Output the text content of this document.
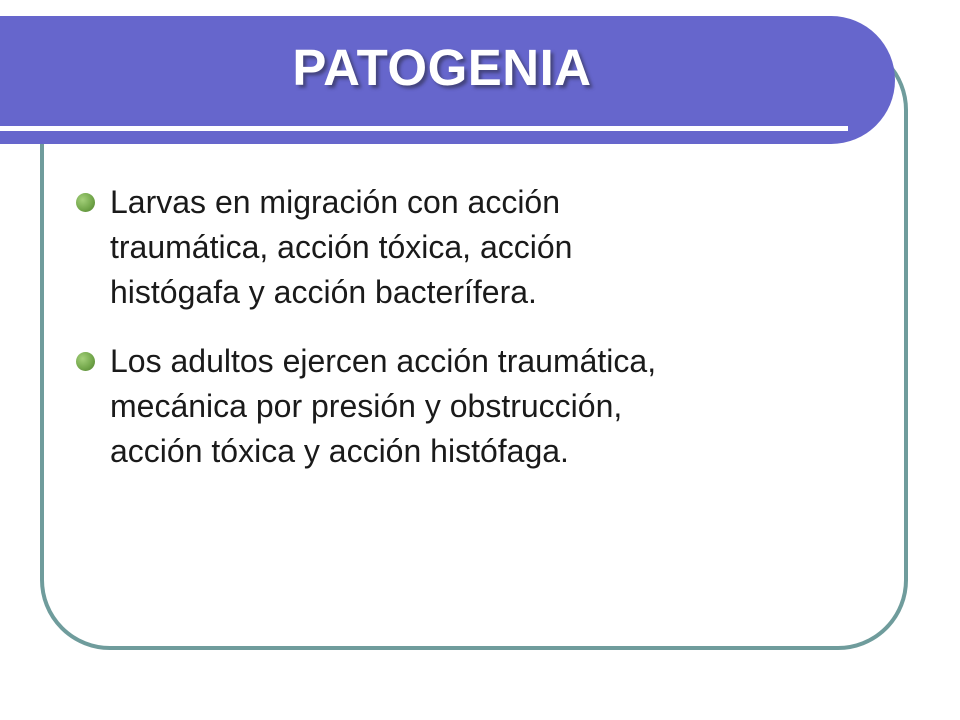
PATOGENIA
Larvas en migración con acción
traumática, acción tóxica, acción
histógafa y acción bacterífera.
Los adultos ejercen acción traumática,
mecánica por presión y obstrucción,
acción tóxica y acción histófaga.
